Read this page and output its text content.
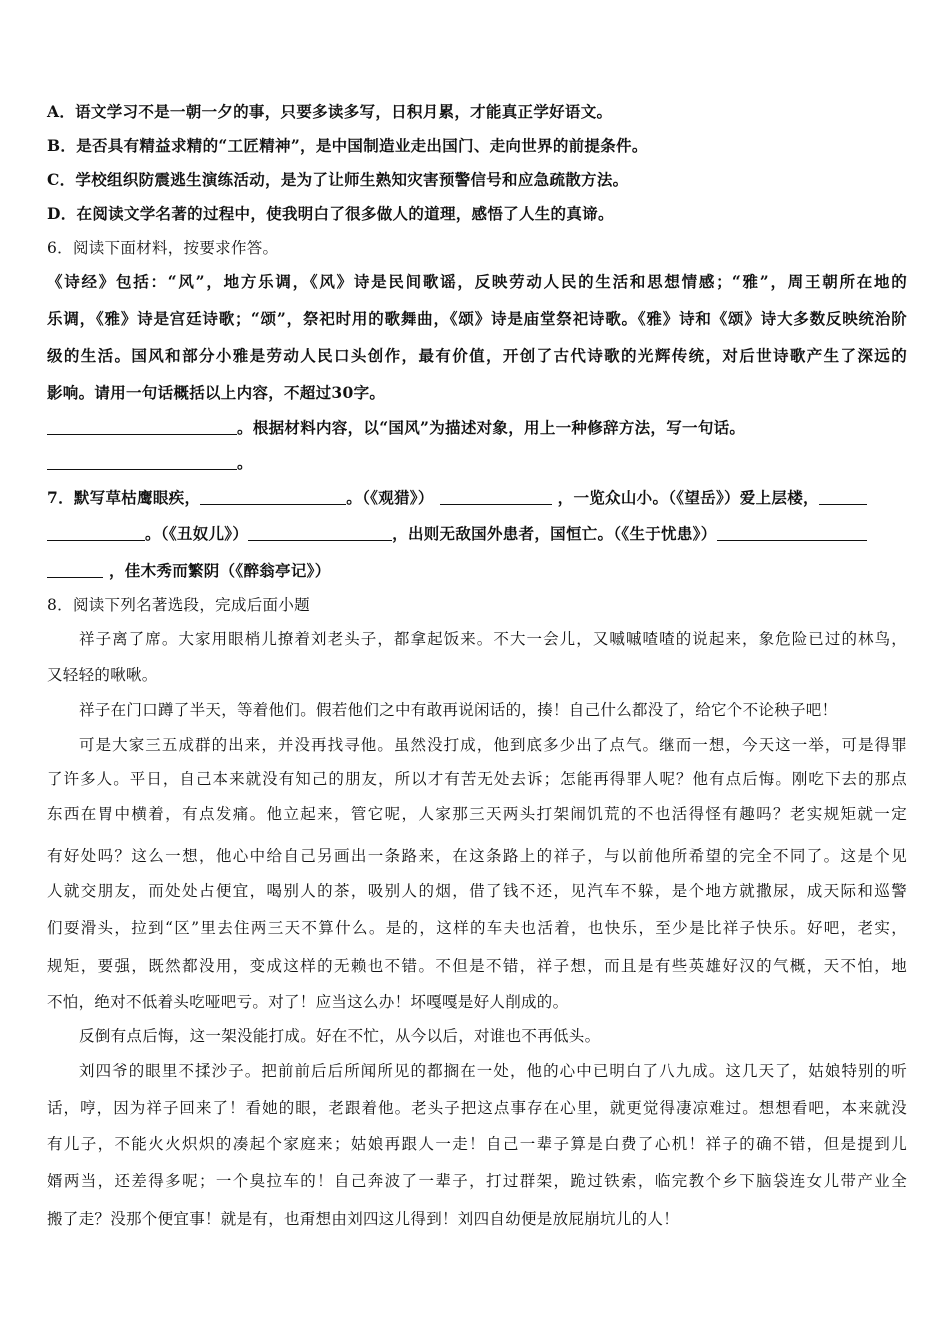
A．语文学习不是一朝一夕的事，只要多读多写，日积月累，才能真正学好语文。
B．是否具有精益求精的“工匠精神”，是中国制造业走出国门、走向世界的前提条件。
C．学校组织防震逃生演练活动，是为了让师生熟知灾害预警信号和应急疏散方法。
D．在阅读文学名著的过程中，使我明白了很多做人的道理，感悟了人生的真谛。
6．阅读下面材料，按要求作答。
《诗经》包括：“风”，地方乐调，《风》诗是民间歌谣，反映劳动人民的生活和思想情感；“雅”，周王朝所在地的
乐调，《雅》诗是宫廷诗歌；“颂”，祭祀时用的歌舞曲，《颂》诗是庙堂祭祀诗歌。《雅》诗和《颂》诗大多数反映统治阶
级的生活。国风和部分小雅是劳动人民口头创作，最有价值，开创了古代诗歌的光辉传统，对后世诗歌产生了深远的
影响。请用一句话概括以上内容，不超过30字。
。根据材料内容，以“国风”为描述对象，用上一种修辞方法，写一句话。
。
7．默写草枯鹰眼疾，	。（《观猎》）	，一览众山小。（《望岳》）爱上层楼，
。（《丑奴儿》）	，出则无敌国外患者，国恒亡。（《生于忧患》）
，佳木秀而繁阴（《醉翁亭记》）
8．阅读下列名著选段，完成后面小题
祥子离了席。大家用眼梢儿撩着刘老头子，都拿起饭来。不大一会儿，又嘁嘁喳喳的说起来，象危险已过的林鸟，
又轻轻的啾啾。
祥子在门口蹲了半天，等着他们。假若他们之中有敢再说闲话的，揍！自己什么都没了，给它个不论秧子吧！
可是大家三五成群的出来，并没再找寻他。虽然没打成，他到底多少出了点气。继而一想，今天这一举，可是得罪
了许多人。平日，自己本来就没有知己的朋友，所以才有苦无处去诉；怎能再得罪人呢？他有点后悔。刚吃下去的那点
东西在胃中横着，有点发痛。他立起来，管它呢，人家那三天两头打架闹饥荒的不也活得怪有趣吗？老实规矩就一定
有好处吗？这么一想，他心中给自己另画出一条路来，在这条路上的祥子，与以前他所希望的完全不同了。这是个见
人就交朋友，而处处占便宜，喝别人的茶，吸别人的烟，借了钱不还，见汽车不躲，是个地方就撒尿，成天际和巡警
们耍滑头，拉到“区”里去住两三天不算什么。是的，这样的车夫也活着，也快乐，至少是比祥子快乐。好吧，老实，
规矩，要强，既然都没用，变成这样的无赖也不错。不但是不错，祥子想，而且是有些英雄好汉的气概，天不怕，地
不怕，绝对不低着头吃哑吧亏。对了！应当这么办！坏嘎嘎是好人削成的。
反倒有点后悔，这一架没能打成。好在不忙，从今以后，对谁也不再低头。
刘四爷的眼里不揉沙子。把前前后后所闻所见的都搁在一处，他的心中已明白了八九成。这几天了，姑娘特别的听
话，哼，因为祥子回来了！看她的眼，老跟着他。老头子把这点事存在心里，就更觉得凄凉难过。想想看吧，本来就没
有儿子，不能火火炽炽的凑起个家庭来；姑娘再跟人一走！自己一辈子算是白费了心机！祥子的确不错，但是提到儿
婿两当，还差得多呢；一个臭拉车的！自己奔波了一辈子，打过群架，跪过铁索，临完教个乡下脑袋连女儿带产业全
搬了走？没那个便宜事！就是有，也甭想由刘四这儿得到！刘四自幼便是放屁崩坑儿的人！
